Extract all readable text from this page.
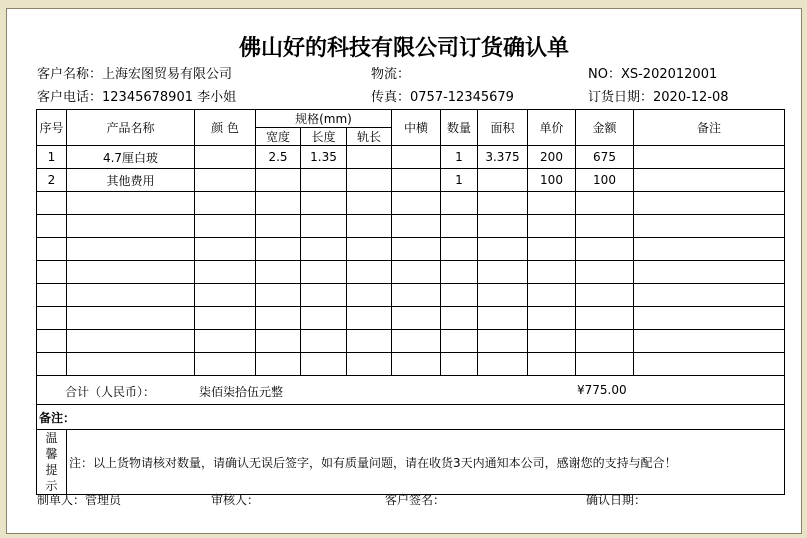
佛山好的科技有限公司订货确认单
客户名称：上海宏图贸易有限公司	物流：	NO：XS-202012001
客户电话：12345678901 李小姐	传真：0757-12345679	订货日期：2020-12-08
序号	产品名称	颜 色	规格(mm)			中横	数量	面积	单价	金额	备注
			宽度	长度	轨长						
1	4.7厘白玻		2.5	1.35			1	3.375	200	675	
2	其他费用						1		100	100	

合计（人民币）： 柒佰柒拾伍元整 ¥775.00											

备注：											
温馨提示	注：以上货物请核对数量，请确认无误后签字，如有质量问题，请在收货3天内通知本公司，感谢您的支持与配合！										
制单人：管理员	审核人：	客户签名：	确认日期：
